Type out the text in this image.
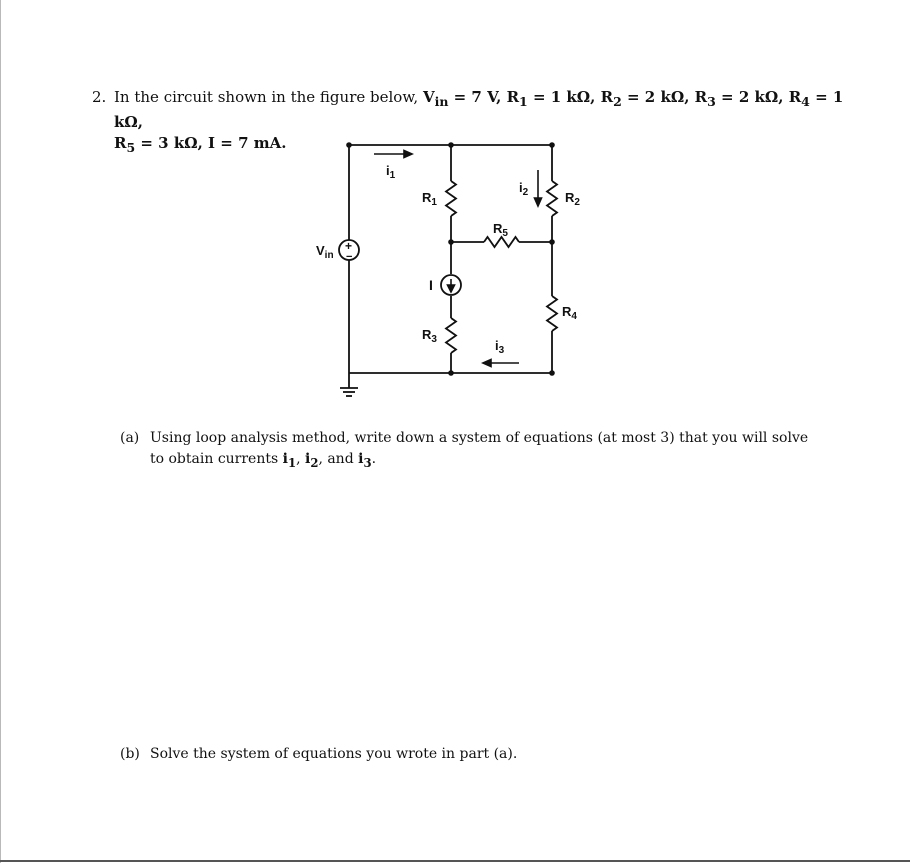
2. In the circuit shown in the figure below, $V_{in} = 7$ V, $R_1 = 1$ kΩ, $R_2 = 2$ kΩ, $R_3 = 2$ kΩ, $R_4 = 1$ kΩ,
$R_5 = 3$ kΩ, I = 7 mA.
+
−
$V_{in}$
$R_1$	$R_2$
$R_3$
$R_4$
$R_5$
$i_1$
$i_2$
$i_3$
I
(a) Using loop analysis method, write down a system of equations (at most 3) that you will solve
to obtain currents $i_1$, $i_2$, and $i_3$.
(b) Solve the system of equations you wrote in part (a).
